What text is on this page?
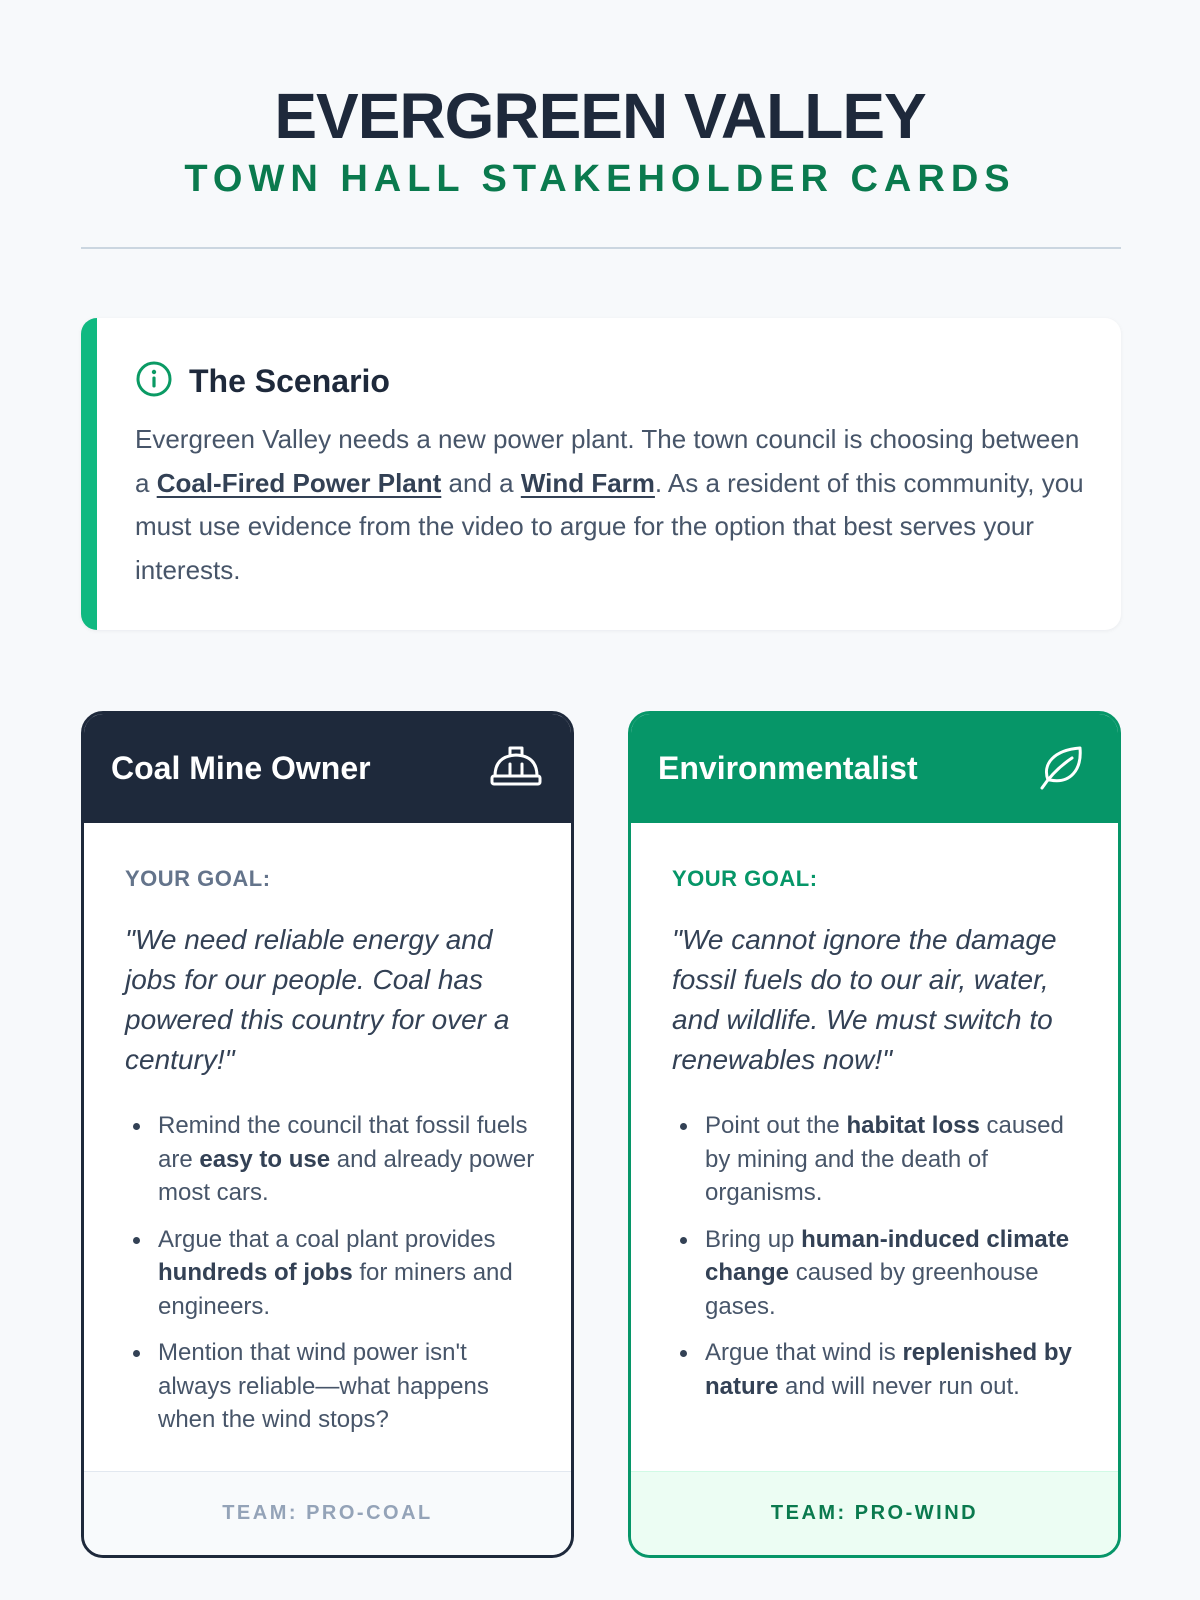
EVERGREEN VALLEY
TOWN HALL STAKEHOLDER CARDS
The Scenario

Evergreen Valley needs a new power plant. The town council is choosing between a Coal-Fired Power Plant and a Wind Farm. As a resident of this community, you must use evidence from the video to argue for the option that best serves your interests.

Coal Mine Owner
YOUR GOAL:

"We need reliable energy and jobs for our people. Coal has powered this country for over a century!"

Remind the council that fossil fuels are easy to use and already power most cars.
Argue that a coal plant provides hundreds of jobs for miners and engineers.
Mention that wind power isn't always reliable—what happens when the wind stops?
TEAM: PRO-COAL
Environmentalist
YOUR GOAL:

"We cannot ignore the damage fossil fuels do to our air, water, and wildlife. We must switch to renewables now!"

Point out the habitat loss caused by mining and the death of organisms.
Bring up human-induced climate change caused by greenhouse gases.
Argue that wind is replenished by nature and will never run out.
TEAM: PRO-WIND
